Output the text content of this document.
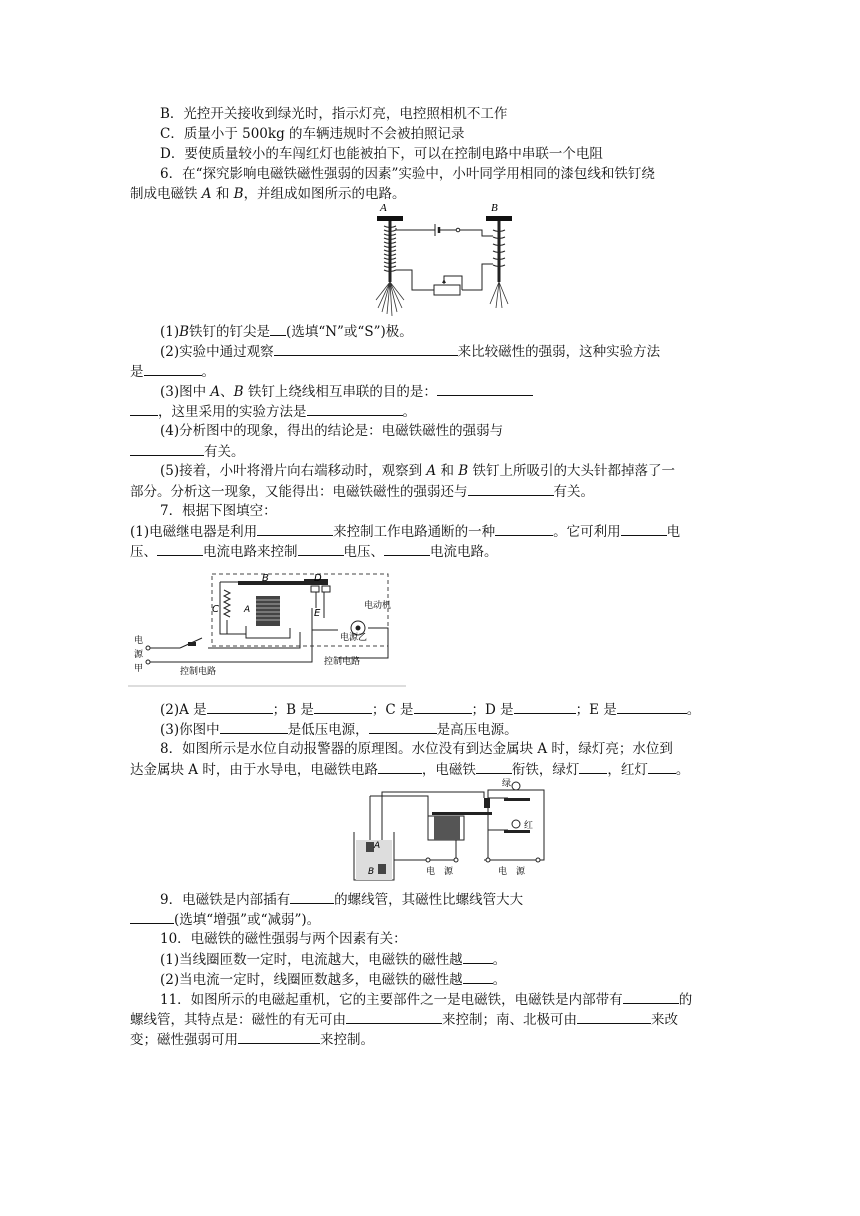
B．光控开关接收到绿光时，指示灯亮，电控照相机不工作
C．质量小于 500kg 的车辆违规时不会被拍照记录
D．要使质量较小的车闯红灯也能被拍下，可以在控制电路中串联一个电阻
6．在“探究影响电磁铁磁性强弱的因素”实验中，小叶同学用相同的漆包线和铁钉绕
制成电磁铁 A 和 B，并组成如图所示的电路。
A	B
(1)B铁钉的钉尖是 (选填“N”或“S”)极。
(2)实验中通过观察	来比较磁性的强弱，这种实验方法
是	。
(3)图中 A、B 铁钉上绕线相互串联的目的是：
，这里采用的实验方法是	。
(4)分析图中的现象，得出的结论是：电磁铁磁性的强弱与
有关。
(5)接着，小叶将滑片向右端移动时，观察到 A 和 B 铁钉上所吸引的大头针都掉落了一
部分。分析这一现象，又能得出：电磁铁磁性的强弱还与	有关。
7．根据下图填空：
(1)电磁继电器是利用	来控制工作电路通断的一种	。它可利用	电
压、	电流电路来控制	电压、	电流电路。
B	D
C	A	E
电动机
电源乙
控制电路
电
源
甲	控制电路
(2)A 是	；B 是	；C 是	；D 是	；E 是	。
(3)你图中	是低压电源，	是高压电源。
8．如图所示是水位自动报警器的原理图。水位没有到达金属块 A 时，绿灯亮；水位到
达金属块 A 时，由于水导电，电磁铁电路	，电磁铁	衔铁，绿灯 ，红灯 。
A
B
绿
红
电　源	电　源
9．电磁铁是内部插有	的螺线管，其磁性比螺线管大大
(选填“增强”或“减弱”)。
10．电磁铁的磁性强弱与两个因素有关：
(1)当线圈匝数一定时，电流越大，电磁铁的磁性越 。
(2)当电流一定时，线圈匝数越多，电磁铁的磁性越 。
11．如图所示的电磁起重机，它的主要部件之一是电磁铁，电磁铁是内部带有	的
螺线管，其特点是：磁性的有无可由	来控制；南、北极可由	来改
变；磁性强弱可用	来控制。
